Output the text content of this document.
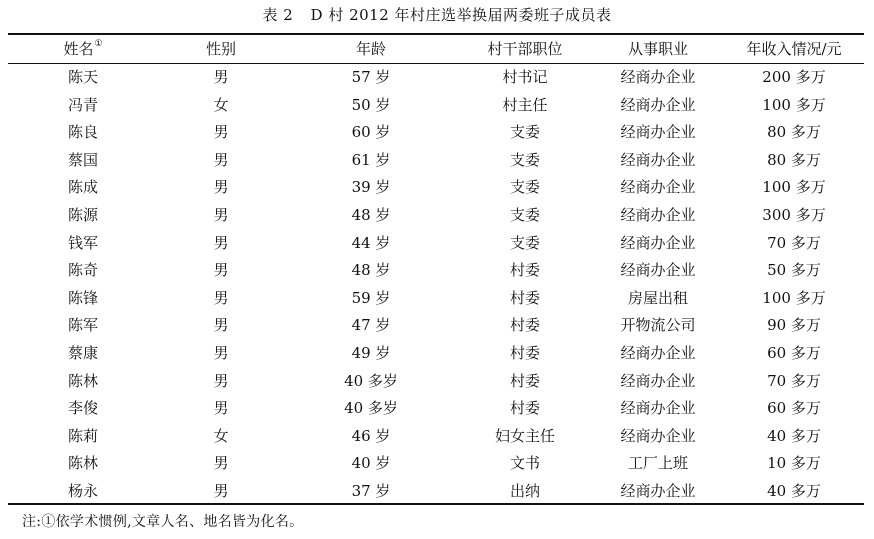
表 2 D 村 2012 年村庄选举换届两委班子成员表
姓名①	性别	年龄	村干部职位	从事职业	年收入情况/元
陈天	男	57 岁	村书记	经商办企业	200 多万
冯青	女	50 岁	村主任	经商办企业	100 多万
陈良	男	60 岁	支委	经商办企业	80 多万
蔡国	男	61 岁	支委	经商办企业	80 多万
陈成	男	39 岁	支委	经商办企业	100 多万
陈源	男	48 岁	支委	经商办企业	300 多万
钱军	男	44 岁	支委	经商办企业	70 多万
陈奇	男	48 岁	村委	经商办企业	50 多万
陈锋	男	59 岁	村委	房屋出租	100 多万
陈军	男	47 岁	村委	开物流公司	90 多万
蔡康	男	49 岁	村委	经商办企业	60 多万
陈林	男	40 多岁	村委	经商办企业	70 多万
李俊	男	40 多岁	村委	经商办企业	60 多万
陈莉	女	46 岁	妇女主任	经商办企业	40 多万
陈林	男	40 岁	文书	工厂上班	10 多万
杨永	男	37 岁	出纳	经商办企业	40 多万
注:①依学术惯例,文章人名、地名皆为化名。
